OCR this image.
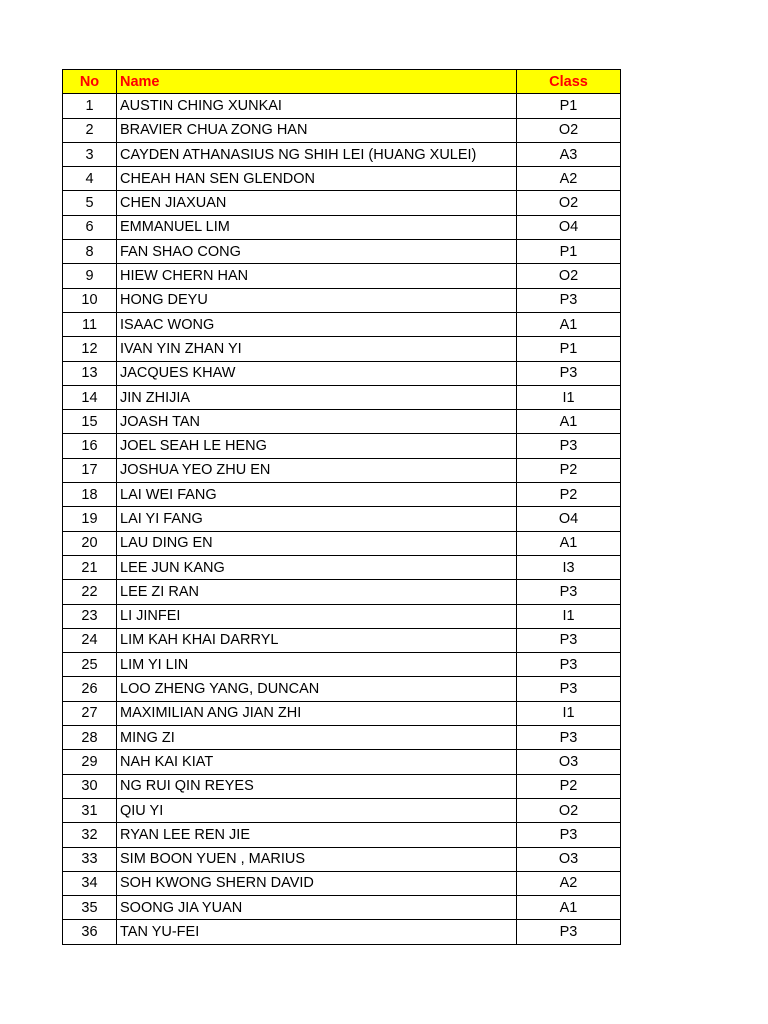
No	Name	Class
1	AUSTIN CHING XUNKAI	P1
2	BRAVIER CHUA ZONG HAN	O2
3	CAYDEN ATHANASIUS NG SHIH LEI (HUANG XULEI)	A3
4	CHEAH HAN SEN GLENDON	A2
5	CHEN JIAXUAN	O2
6	EMMANUEL LIM	O4
8	FAN SHAO CONG	P1
9	HIEW CHERN HAN	O2
10	HONG DEYU	P3
11	ISAAC WONG	A1
12	IVAN YIN ZHAN YI	P1
13	JACQUES KHAW	P3
14	JIN ZHIJIA	I1
15	JOASH TAN	A1
16	JOEL SEAH LE HENG	P3
17	JOSHUA YEO ZHU EN	P2
18	LAI WEI FANG	P2
19	LAI YI FANG	O4
20	LAU DING EN	A1
21	LEE JUN KANG	I3
22	LEE ZI RAN	P3
23	LI JINFEI	I1
24	LIM KAH KHAI DARRYL	P3
25	LIM YI LIN	P3
26	LOO ZHENG YANG, DUNCAN	P3
27	MAXIMILIAN ANG JIAN ZHI	I1
28	MING ZI	P3
29	NAH KAI KIAT	O3
30	NG RUI QIN REYES	P2
31	QIU YI	O2
32	RYAN LEE REN JIE	P3
33	SIM BOON YUEN , MARIUS	O3
34	SOH KWONG SHERN DAVID	A2
35	SOONG JIA YUAN	A1
36	TAN YU-FEI	P3
